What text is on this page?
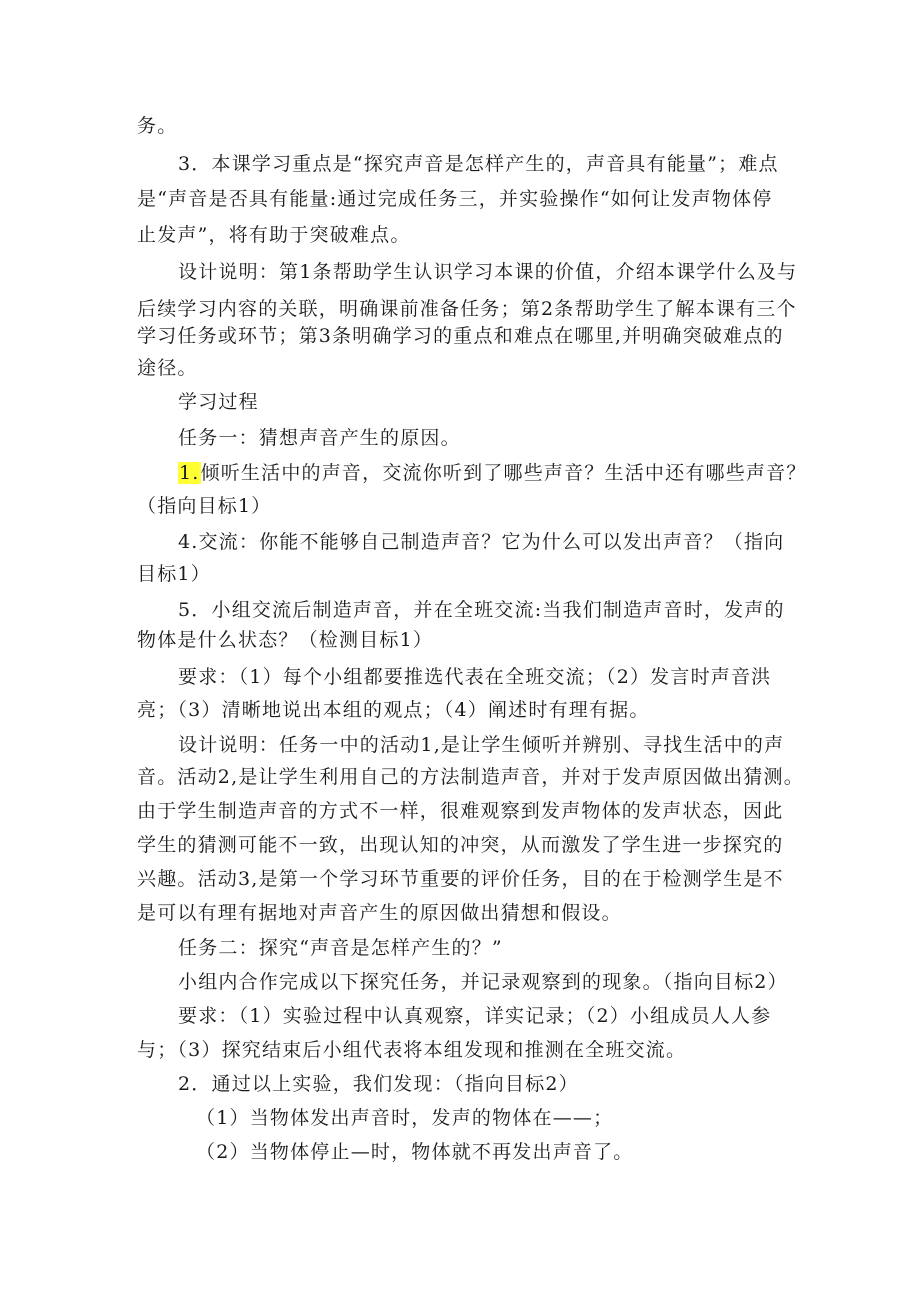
务。
3．本课学习重点是“探究声音是怎样产生的，声音具有能量”；难点
是“声音是否具有能量:通过完成任务三，并实验操作“如何让发声物体停
止发声”，将有助于突破难点。
设计说明：第1条帮助学生认识学习本课的价值，介绍本课学什么及与
后续学习内容的关联，明确课前准备任务；第2条帮助学生了解本课有三个
学习任务或环节；第3条明确学习的重点和难点在哪里,并明确突破难点的
途径。
学习过程
任务一：猜想声音产生的原因。
1.倾听生活中的声音，交流你听到了哪些声音？生活中还有哪些声音？
（指向目标1）
4.交流：你能不能够自己制造声音？它为什么可以发出声音？（指向
目标1）
5．小组交流后制造声音，并在全班交流:当我们制造声音时，发声的
物体是什么状态？（检测目标1）
要求：（1）每个小组都要推选代表在全班交流；（2）发言时声音洪
亮；（3）清晰地说出本组的观点；（4）阐述时有理有据。
设计说明：任务一中的活动1,是让学生倾听并辨别、寻找生活中的声
音。活动2,是让学生利用自己的方法制造声音，并对于发声原因做出猜测。
由于学生制造声音的方式不一样，很难观察到发声物体的发声状态，因此
学生的猜测可能不一致，出现认知的冲突，从而激发了学生进一步探究的
兴趣。活动3,是第一个学习环节重要的评价任务，目的在于检测学生是不
是可以有理有据地对声音产生的原因做出猜想和假设。
任务二：探究“声音是怎样产生的？”
小组内合作完成以下探究任务，并记录观察到的现象。（指向目标2）
要求：（1）实验过程中认真观察，详实记录；（2）小组成员人人参
与；（3）探究结束后小组代表将本组发现和推测在全班交流。
2．通过以上实验，我们发现：（指向目标2）
（1）当物体发出声音时，发声的物体在——；
（2）当物体停止—时，物体就不再发出声音了。
